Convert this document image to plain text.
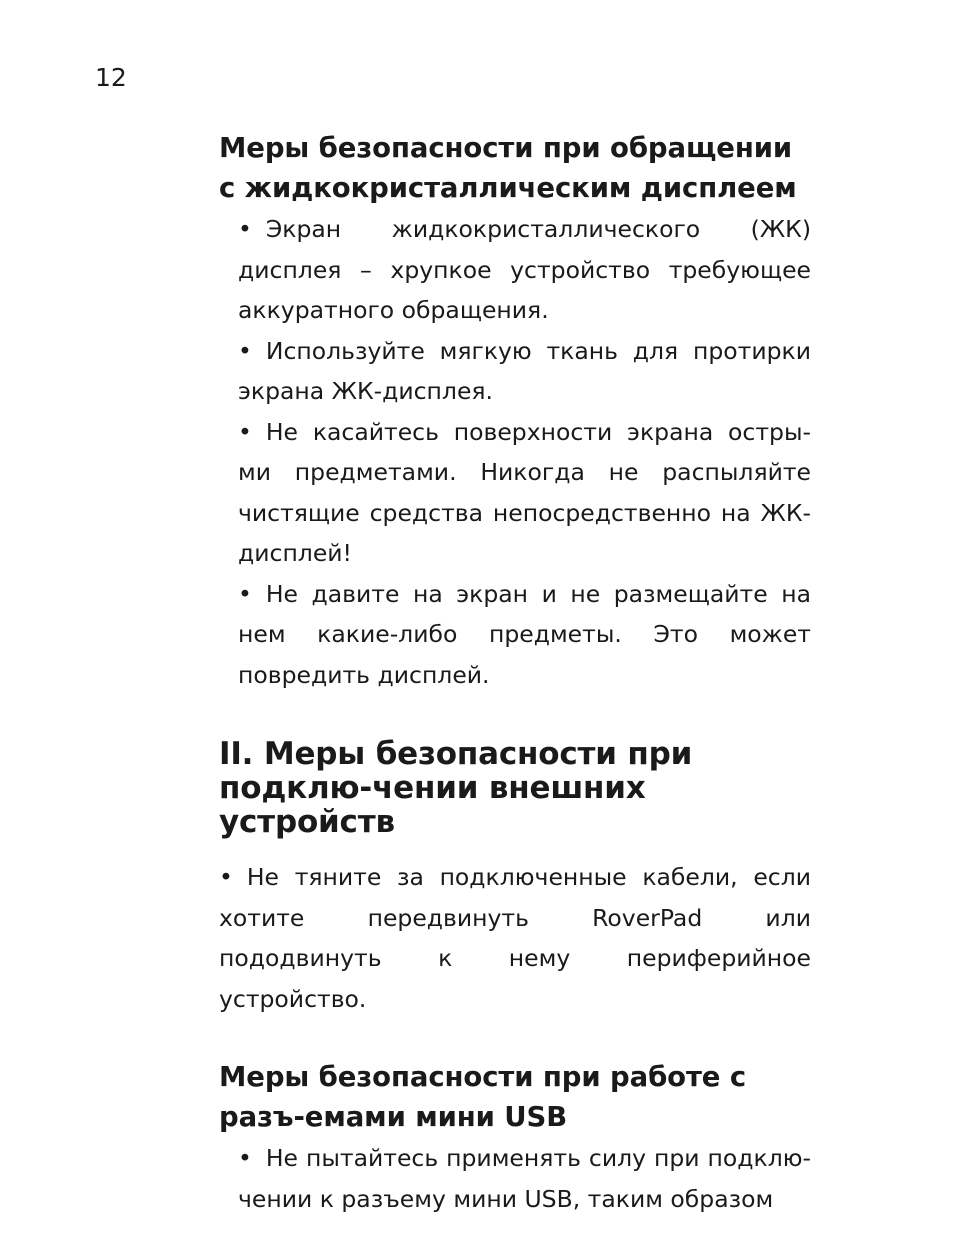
12
Меры безопасности при обращении с жидкокристаллическим дисплеем

• Экран жидкокристаллического (ЖК) дисплея – хрупкое устройство требующее аккуратного обращения.

• Используйте мягкую ткань для протирки экрана ЖК-дисплея.

• Не касайтесь поверхности экрана остры-ми предметами. Никогда не распыляйте чистящие средства непосредственно на ЖК-дисплей!

• Не давите на экран и не размещайте на нем какие-либо предметы. Это может повредить дисплей.

II. Меры безопасности при подклю-чении внешних устройств

• Не тяните за подключенные кабели, если хотите передвинуть RoverPad или пододвинуть к нему периферийное устройство.

Меры безопасности при работе с разъ-емами мини USB

• Не пытайтесь применять силу при подклю-чении к разъему мини USB, таким образом
